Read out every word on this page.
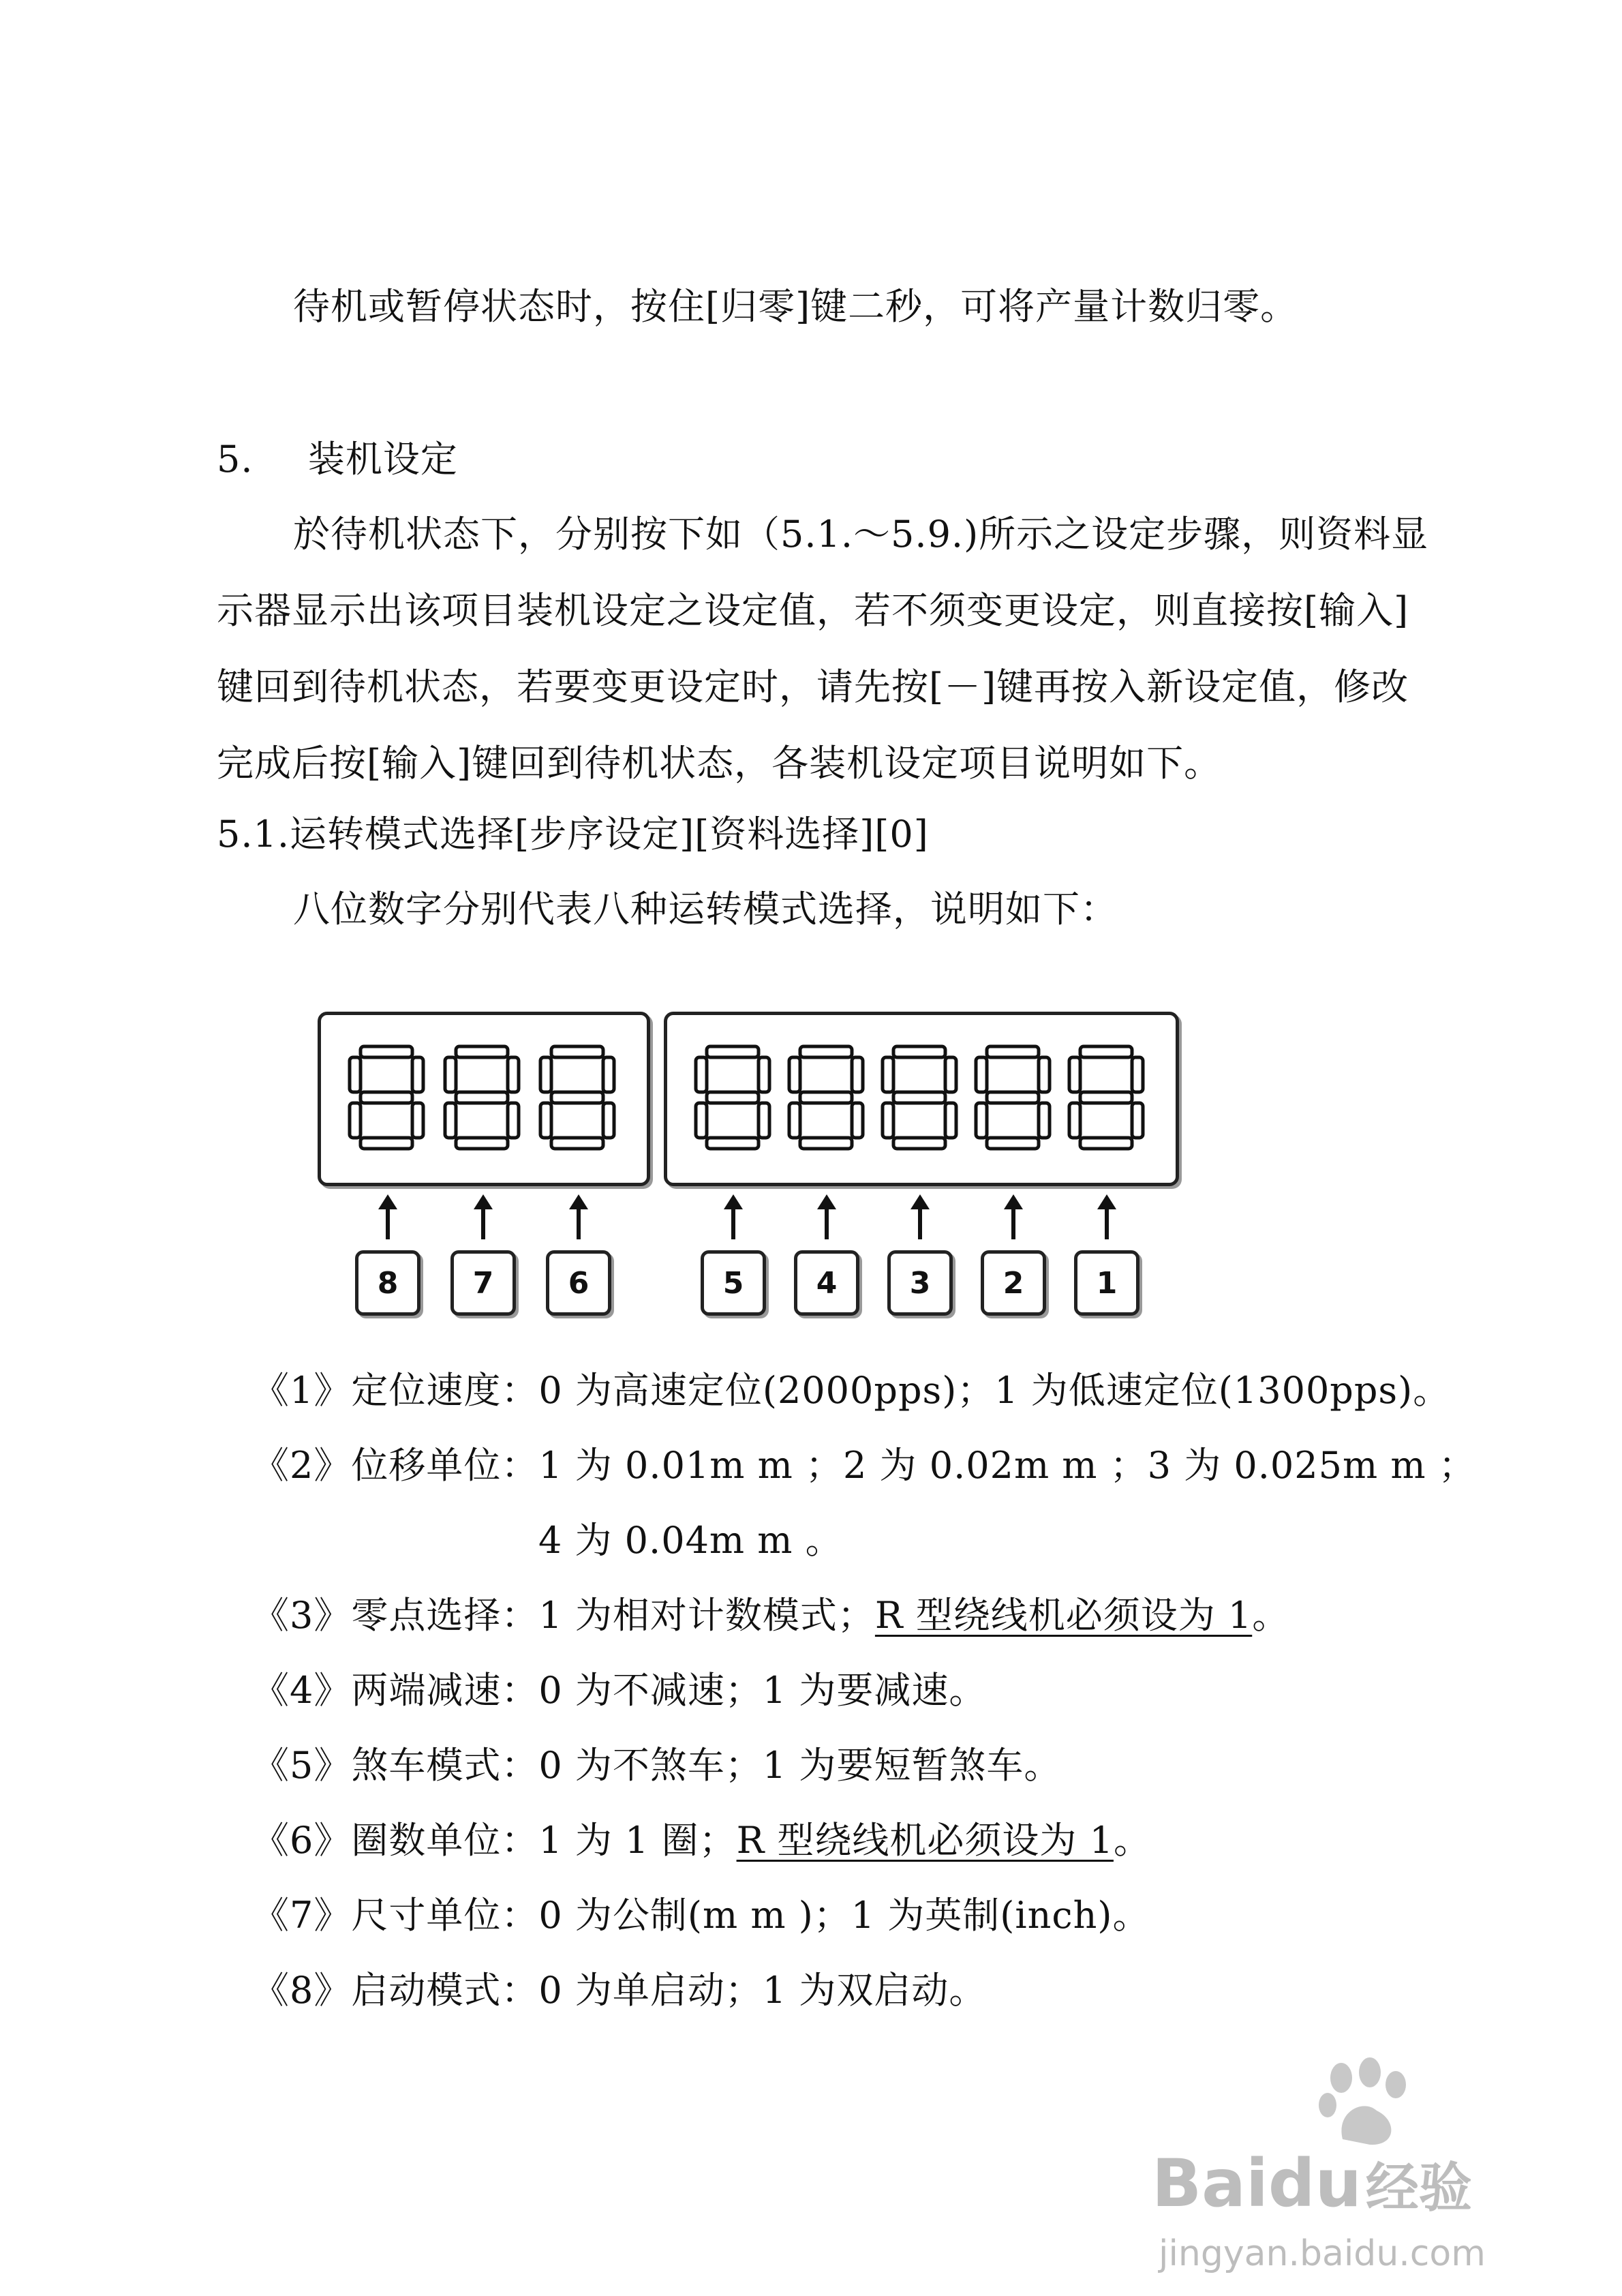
待机或暂停状态时，按住[归零]键二秒，可将产量计数归零。
5. 装机设定
於待机状态下，分别按下如（5.1.～5.9.)所示之设定步骤，则资料显
示器显示出该项目装机设定之设定值，若不须变更设定，则直接按[输入]
键回到待机状态，若要变更设定时，请先按[－]键再按入新设定值，修改
完成后按[输入]键回到待机状态，各装机设定项目说明如下。
5.1.运转模式选择[步序设定][资料选择][0]
八位数字分别代表八种运转模式选择，说明如下：
8	7	6	5	4	3	2	1
《1》定位速度：0 为高速定位(2000pps)；1 为低速定位(1300pps)。
《2》位移单位：1 为 0.01m m ；2 为 0.02m m ；3 为 0.025m m ；
4 为 0.04m m 。
《3》零点选择：1 为相对计数模式；R 型绕线机必须设为 1。
《4》两端减速：0 为不减速；1 为要减速。
《5》煞车模式：0 为不煞车；1 为要短暂煞车。
《6》圈数单位：1 为 1 圈；R 型绕线机必须设为 1。
《7》尺寸单位：0 为公制(m m )；1 为英制(inch)。
《8》启动模式：0 为单启动；1 为双启动。
Baidu经验
jingyan.baidu.com
